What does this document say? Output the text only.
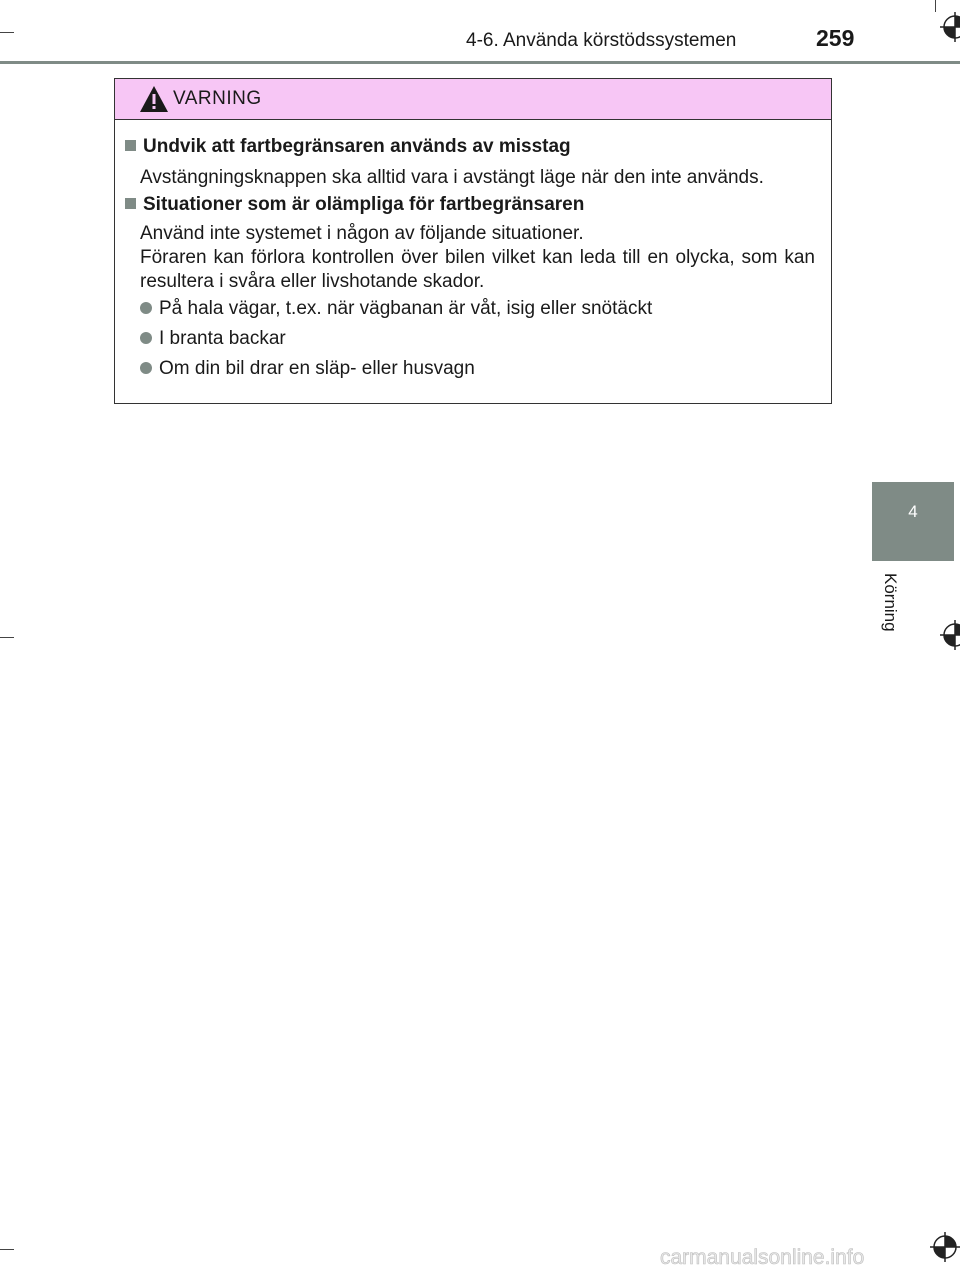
4-6. Använda körstödssystemen	259
4
Körning
VARNING
Undvik att fartbegränsaren används av misstag
Avstängningsknappen ska alltid vara i avstängt läge när den inte används.
Situationer som är olämpliga för fartbegränsaren
Använd inte systemet i någon av följande situationer.
Föraren kan förlora kontrollen över bilen vilket kan leda till en olycka, som kan resultera i svåra eller livshotande skador.
På hala vägar, t.ex. när vägbanan är våt, isig eller snötäckt
I branta backar
Om din bil drar en släp- eller husvagn
carmanualsonline.info
